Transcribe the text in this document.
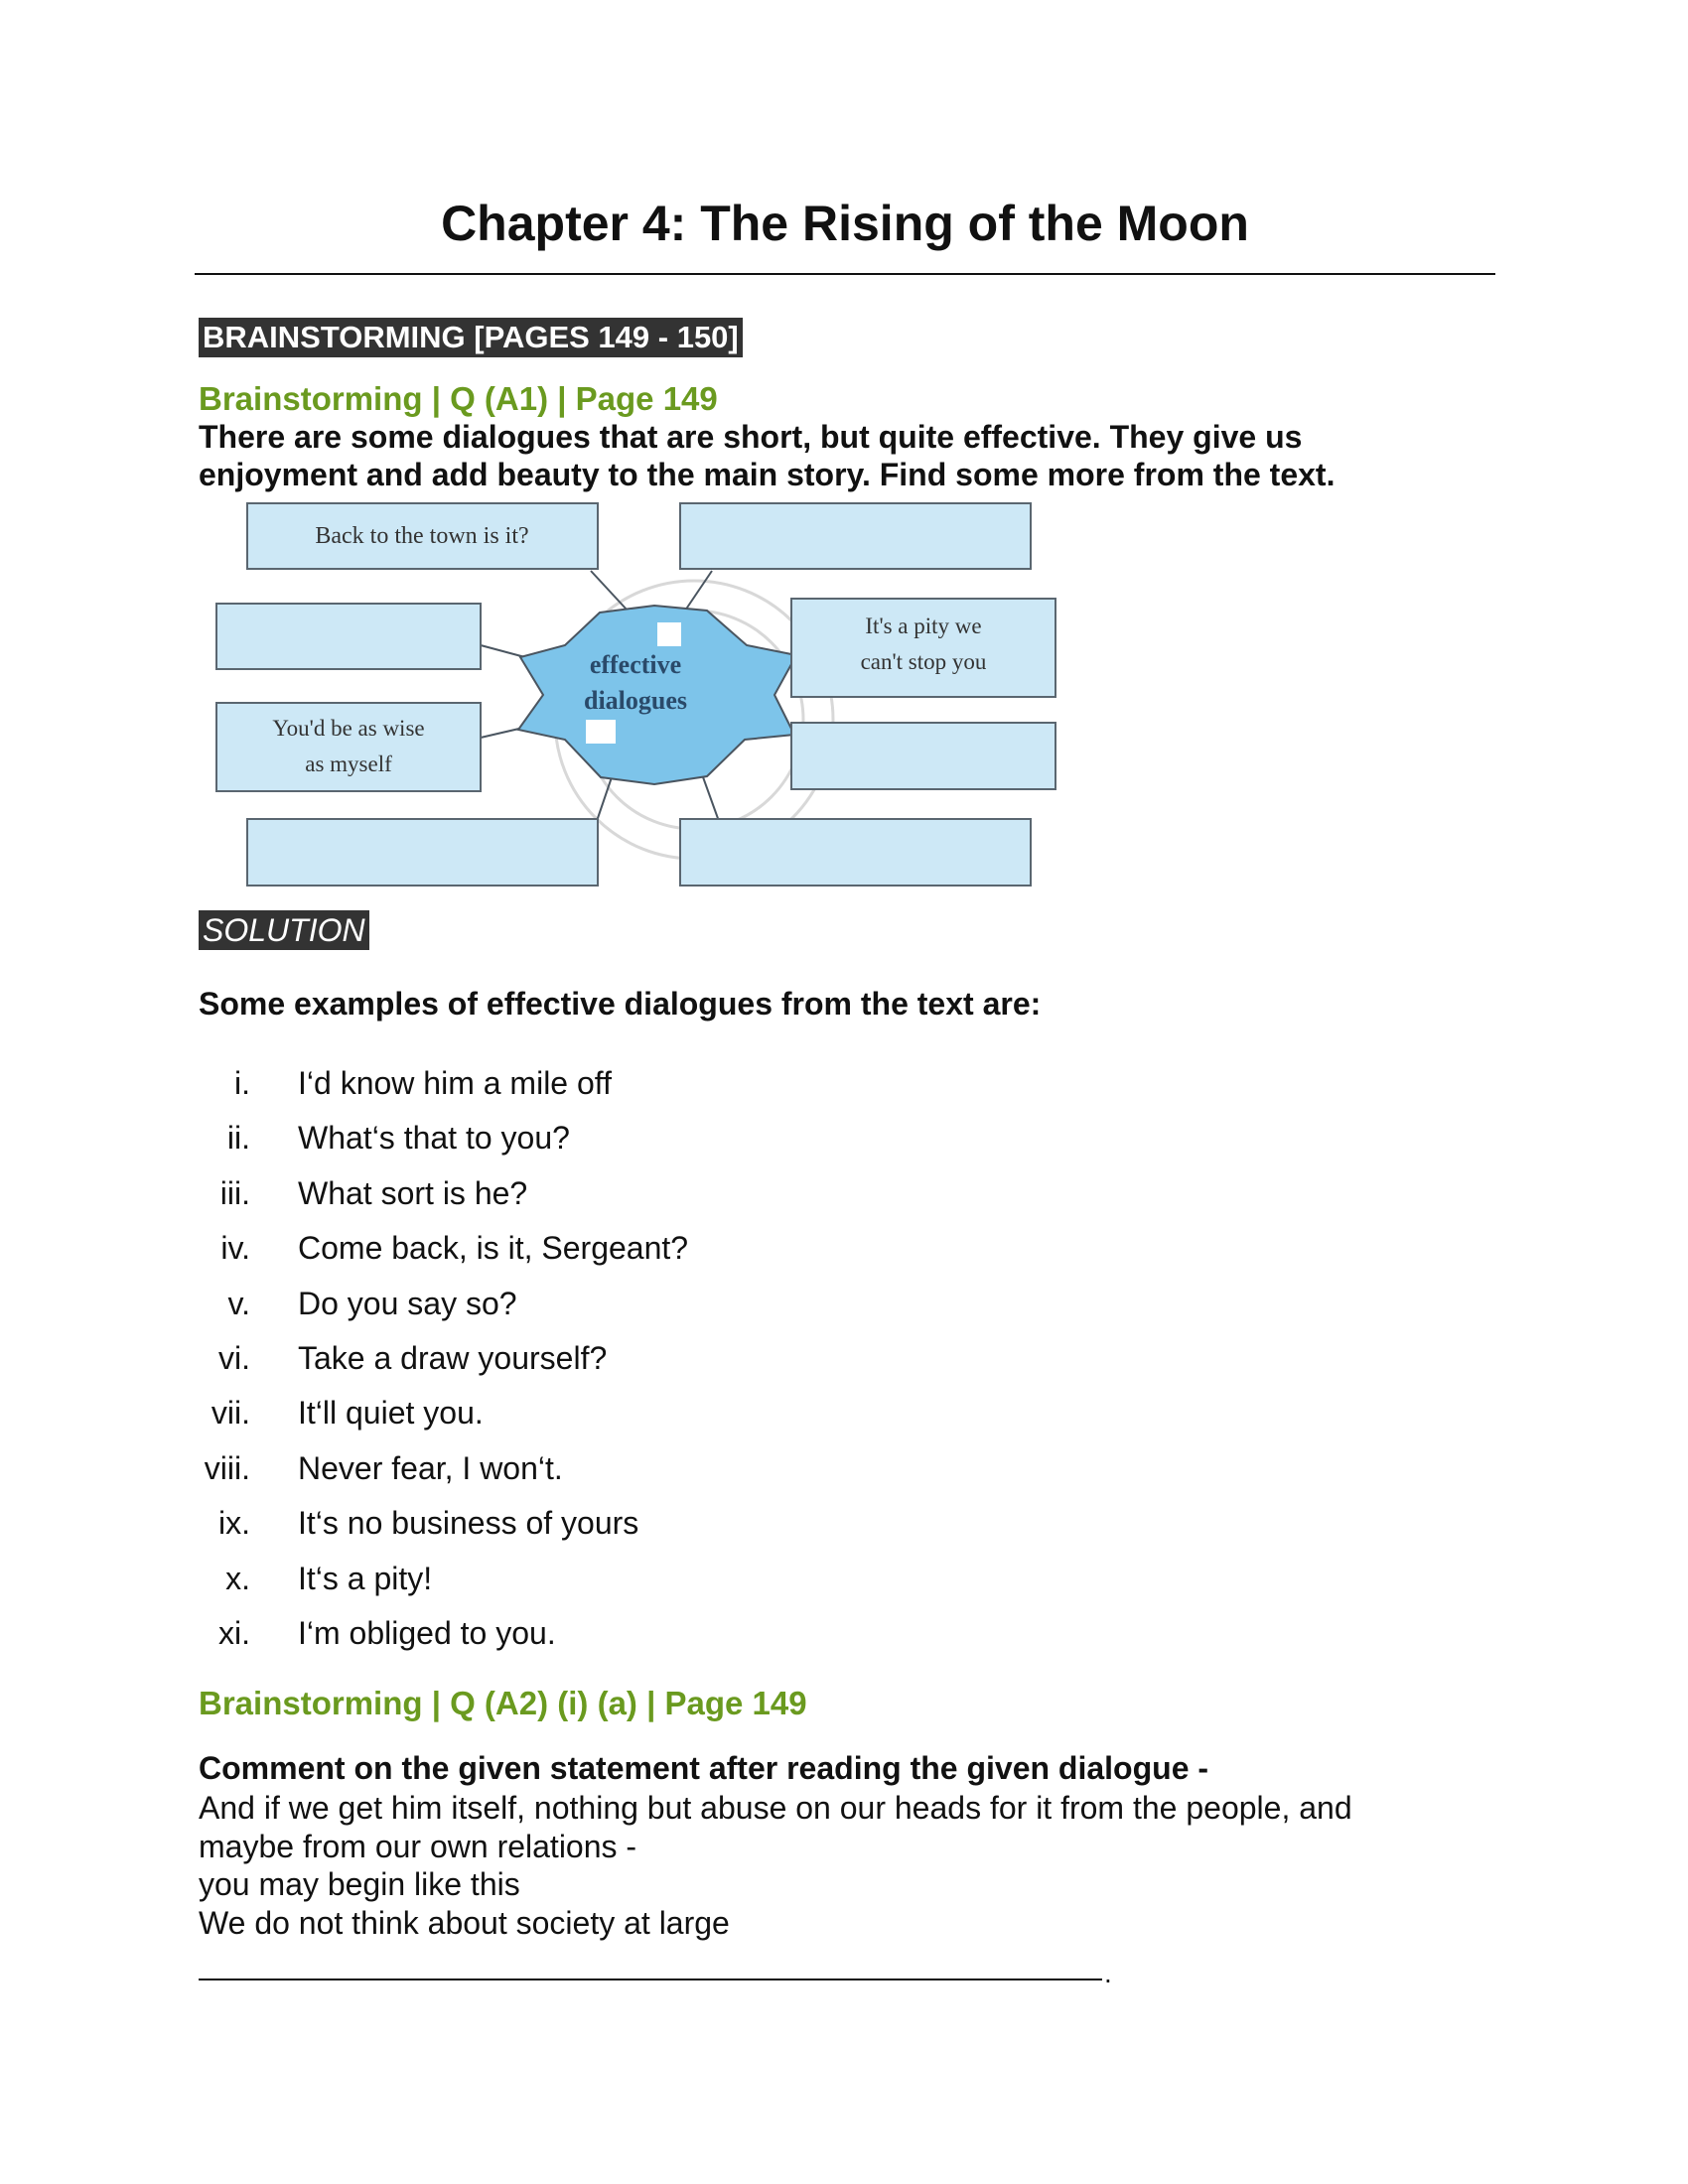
Chapter 4: The Rising of the Moon
BRAINSTORMING [PAGES 149 - 150]
Brainstorming | Q (A1) | Page 149
There are some dialogues that are short, but quite effective. They give us enjoyment and add beauty to the main story. Find some more from the text.
effective
dialogues
Back to the town is it?
It's a pity we
can't stop you
You'd be as wise
as myself
SOLUTION
Some examples of effective dialogues from the text are:
i. I‘d know him a mile off
ii. What‘s that to you?
iii. What sort is he?
iv. Come back, is it, Sergeant?
v. Do you say so?
vi. Take a draw yourself?
vii. It‘ll quiet you.
viii. Never fear, I won‘t.
ix. It‘s no business of yours
x. It‘s a pity!
xi. I‘m obliged to you.
Brainstorming | Q (A2) (i) (a) | Page 149
Comment on the given statement after reading the given dialogue -
And if we get him itself, nothing but abuse on our heads for it from the people, and maybe from our own relations -
you may begin like this
We do not think about society at large
.
